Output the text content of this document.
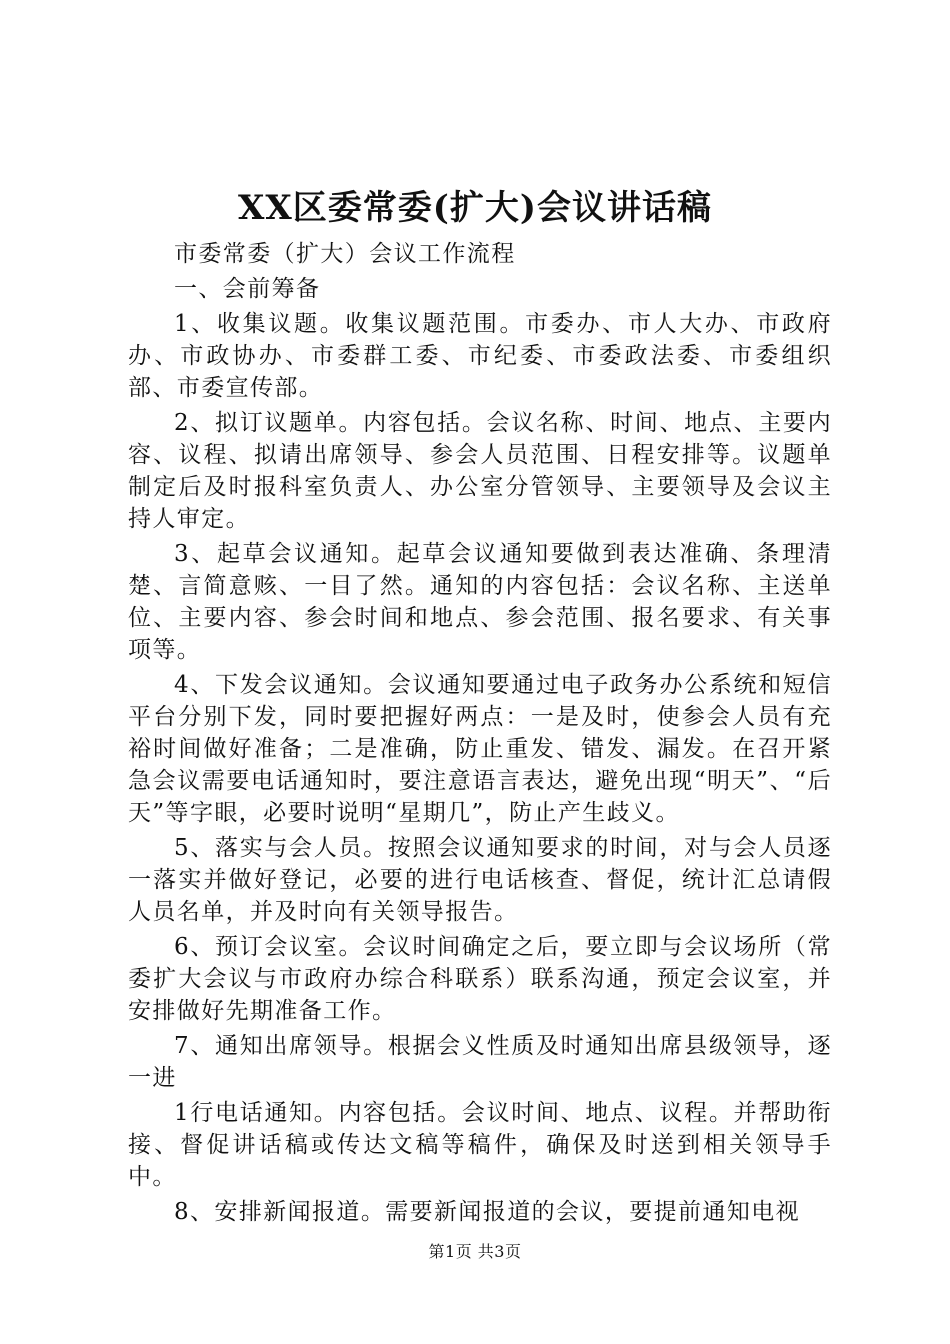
XX区委常委(扩大)会议讲话稿

市委常委（扩大）会议工作流程

一、会前筹备

1、收集议题。收集议题范围。市委办、市人大办、市政府办、市政协办、市委群工委、市纪委、市委政法委、市委组织部、市委宣传部。

2、拟订议题单。内容包括。会议名称、时间、地点、主要内容、议程、拟请出席领导、参会人员范围、日程安排等。议题单制定后及时报科室负责人、办公室分管领导、主要领导及会议主持人审定。

3、起草会议通知。起草会议通知要做到表达准确、条理清楚、言简意赅、一目了然。通知的内容包括：会议名称、主送单位、主要内容、参会时间和地点、参会范围、报名要求、有关事项等。

4、下发会议通知。会议通知要通过电子政务办公系统和短信平台分别下发，同时要把握好两点：一是及时，使参会人员有充裕时间做好准备；二是准确，防止重发、错发、漏发。在召开紧急会议需要电话通知时，要注意语言表达，避免出现“明天”、“后天”等字眼，必要时说明“星期几”，防止产生歧义。

5、落实与会人员。按照会议通知要求的时间，对与会人员逐一落实并做好登记，必要的进行电话核查、督促，统计汇总请假人员名单，并及时向有关领导报告。

6、预订会议室。会议时间确定之后，要立即与会议场所（常委扩大会议与市政府办综合科联系）联系沟通，预定会议室，并安排做好先期准备工作。

7、通知出席领导。根据会义性质及时通知出席县级领导，逐一进

1行电话通知。内容包括。会议时间、地点、议程。并帮助衔接、督促讲话稿或传达文稿等稿件，确保及时送到相关领导手中。

8、安排新闻报道。需要新闻报道的会议，要提前通知电视

第1页 共3页
